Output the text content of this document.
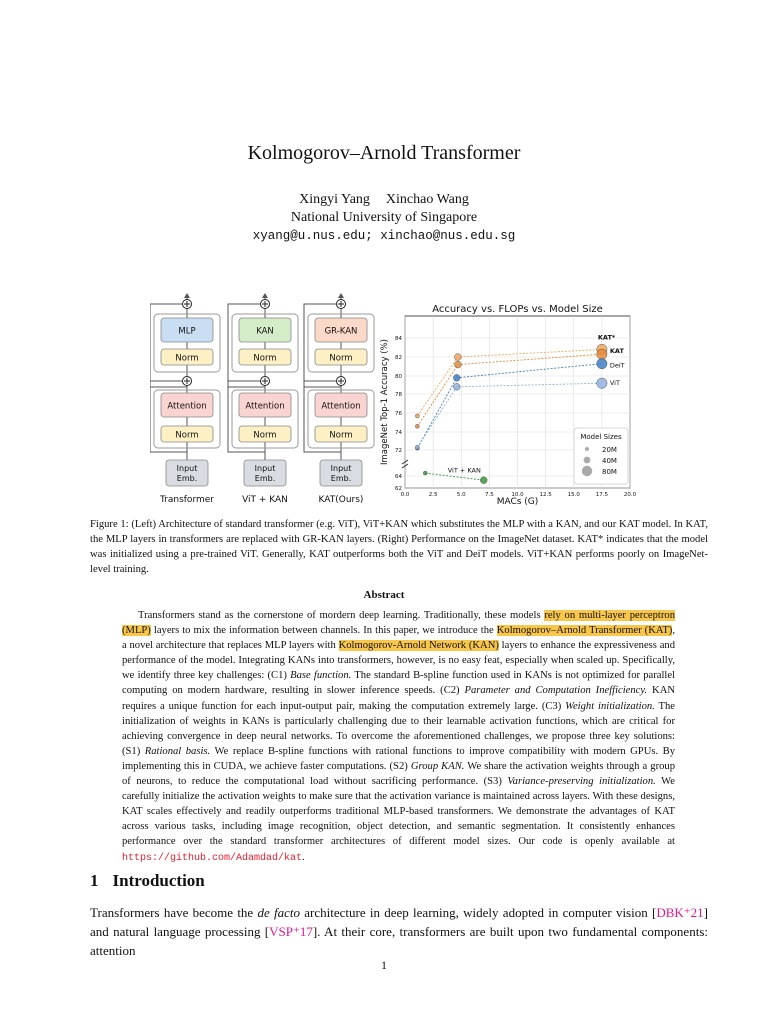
Kolmogorov–Arnold Transformer
Xingyi Yang Xinchao Wang
National University of Singapore
xyang@u.nus.edu; xinchao@nus.edu.sg
MLP
Norm
Attention
Norm
Input
Emb.
Transformer
KAN
Norm
Attention
Norm
Input
Emb.
ViT + KAN
GR-KAN
Norm
Attention
Norm
Input
Emb.
KAT(Ours)
Accuracy vs. FLOPs vs. Model Size
0.0	2.5	5.0	7.5	10.0	12.5	15.0	17.5	20.0
62
64
72
74
76
78
80
82
84
MACs (G)
ImageNet Top-1 Accuracy (%)
KAT*
KAT
DeiT
ViT
ViT + KAN
Model Sizes
20M
40M
80M
Figure 1: (Left) Architecture of standard transformer (e.g. ViT), ViT+KAN which substitutes the MLP with a KAN, and our KAT model. In KAT, the MLP layers in transformers are replaced with GR-KAN layers. (Right) Performance on the ImageNet dataset. KAT* indicates that the model was initialized using a pre-trained ViT. Generally, KAT outperforms both the ViT and DeiT models. ViT+KAN performs poorly on ImageNet-level training.
Abstract

Transformers stand as the cornerstone of mordern deep learning. Traditionally, these models rely on multi-layer perceptron (MLP) layers to mix the information between channels. In this paper, we introduce the Kolmogorov–Arnold Transformer (KAT), a novel architecture that replaces MLP layers with Kolmogorov-Arnold Network (KAN) layers to enhance the expressiveness and performance of the model. Integrating KANs into transformers, however, is no easy feat, especially when scaled up. Specifically, we identify three key challenges: (C1) Base function. The standard B-spline function used in KANs is not optimized for parallel computing on modern hardware, resulting in slower inference speeds. (C2) Parameter and Computation Inefficiency. KAN requires a unique function for each input-output pair, making the computation extremely large. (C3) Weight initialization. The initialization of weights in KANs is particularly challenging due to their learnable activation functions, which are critical for achieving convergence in deep neural networks. To overcome the aforementioned challenges, we propose three key solutions: (S1) Rational basis. We replace B-spline functions with rational functions to improve compatibility with modern GPUs. By implementing this in CUDA, we achieve faster computations. (S2) Group KAN. We share the activation weights through a group of neurons, to reduce the computational load without sacrificing performance. (S3) Variance-preserving initialization. We carefully initialize the activation weights to make sure that the activation variance is maintained across layers. With these designs, KAT scales effectively and readily outperforms traditional MLP-based transformers. We demonstrate the advantages of KAT across various tasks, including image recognition, object detection, and semantic segmentation. It consistently enhances performance over the standard transformer architectures of different model sizes. Our code is openly available at https://github.com/Adamdad/kat.

1 Introduction
Transformers have become the de facto architecture in deep learning, widely adopted in computer vision [DBK⁺21] and natural language processing [VSP⁺17]. At their core, transformers are built upon two fundamental components: attention
1
